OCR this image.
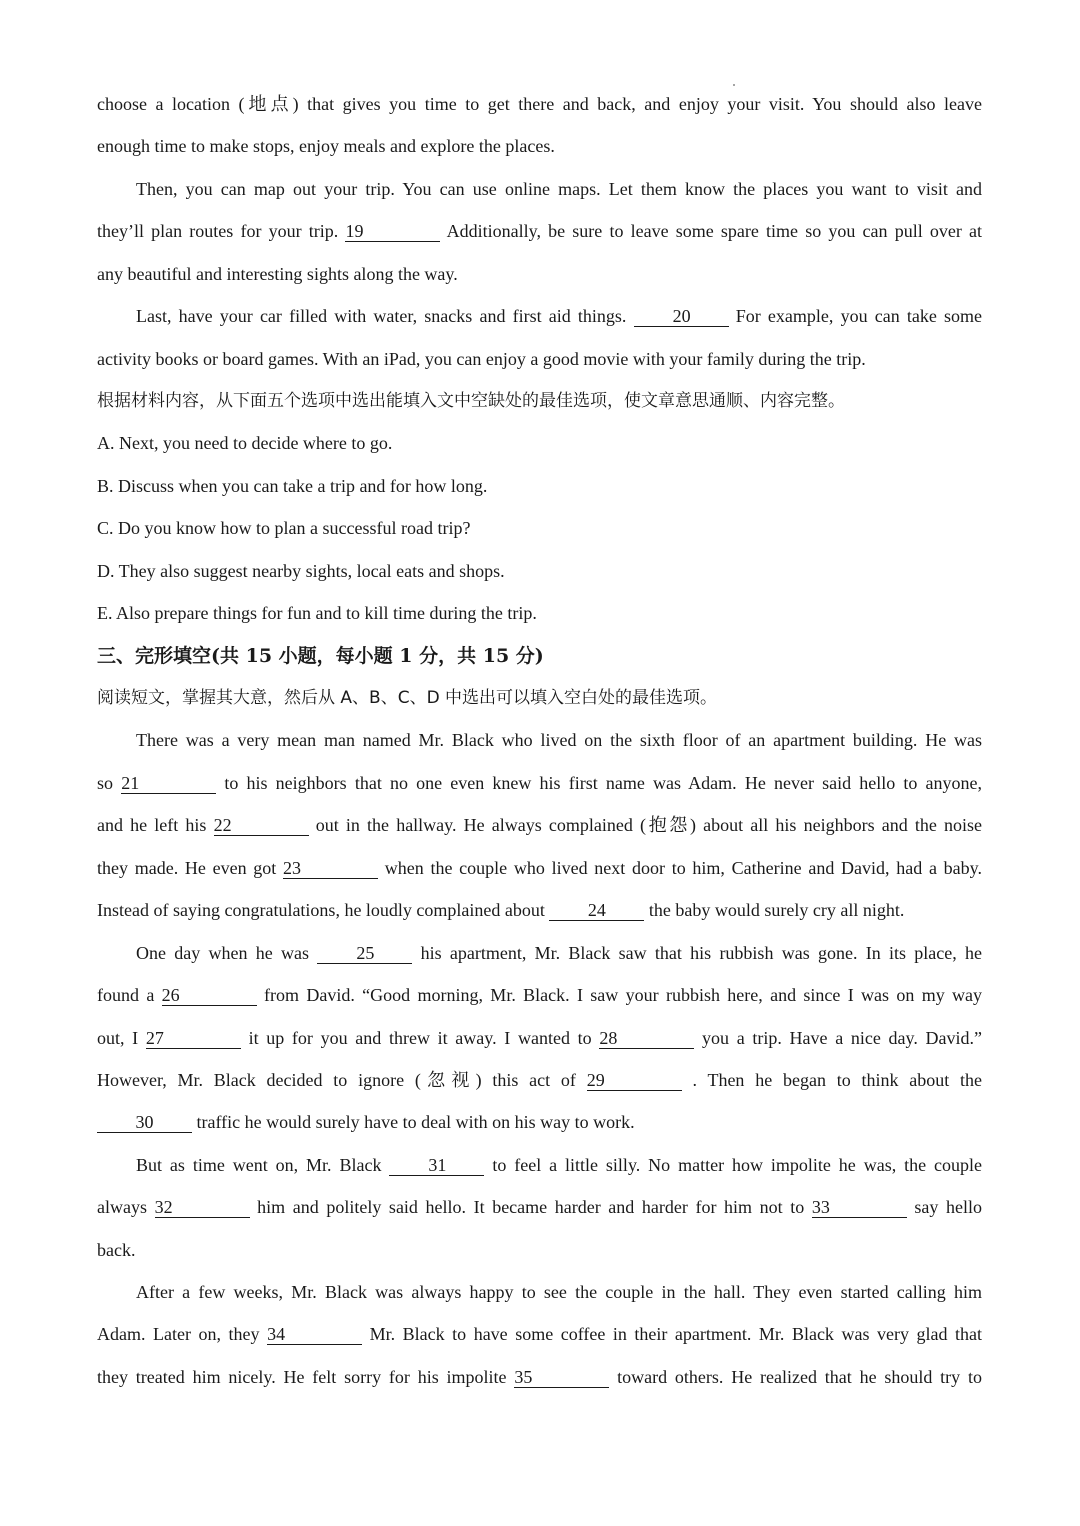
choose a location (地点) that gives you time to get there and back, and enjoy your visit. You should also leave

enough time to make stops, enjoy meals and explore the places.

Then, you can map out your trip. You can use online maps. Let them know the places you want to visit and

they’ll plan routes for your trip. 19	Additionally, be sure to leave some spare time so you can pull over at

any beautiful and interesting sights along the way.

Last, have your car filled with water, snacks and first aid things.	20	For example, you can take some

activity books or board games. With an iPad, you can enjoy a good movie with your family during the trip.

根据材料内容，从下面五个选项中选出能填入文中空缺处的最佳选项，使文章意思通顺、内容完整。

A. Next, you need to decide where to go.

B. Discuss when you can take a trip and for how long.

C. Do you know how to plan a successful road trip?

D. They also suggest nearby sights, local eats and shops.

E. Also prepare things for fun and to kill time during the trip.

三、完形填空(共 15 小题，每小题 1 分，共 15 分)

阅读短文，掌握其大意，然后从 A、B、C、D 中选出可以填入空白处的最佳选项。

There was a very mean man named Mr. Black who lived on the sixth floor of an apartment building. He was

so 21	to his neighbors that no one even knew his first name was Adam. He never said hello to anyone,

and he left his 22	out in the hallway. He always complained (抱怨) about all his neighbors and the noise

they made. He even got 23	when the couple who lived next door to him, Catherine and David, had a baby.

Instead of saying congratulations, he loudly complained about 24 the baby would surely cry all night.

One day when he was	25	his apartment, Mr. Black saw that his rubbish was gone. In its place, he

found a 26	from David. “Good morning, Mr. Black. I saw your rubbish here, and since I was on my way

out, I 27	it up for you and threw it away. I wanted to 28	you a trip. Have a nice day. David.”

However, Mr. Black decided to ignore (忽视) this act of 29	. Then he began to think about the

30 traffic he would surely have to deal with on his way to work.

But as time went on, Mr. Black	31	to feel a little silly. No matter how impolite he was, the couple

always 32	him and politely said hello. It became harder and harder for him not to 33	say hello

back.

After a few weeks, Mr. Black was always happy to see the couple in the hall. They even started calling him

Adam. Later on, they 34	Mr. Black to have some coffee in their apartment. Mr. Black was very glad that

they treated him nicely. He felt sorry for his impolite 35	toward others. He realized that he should try to
